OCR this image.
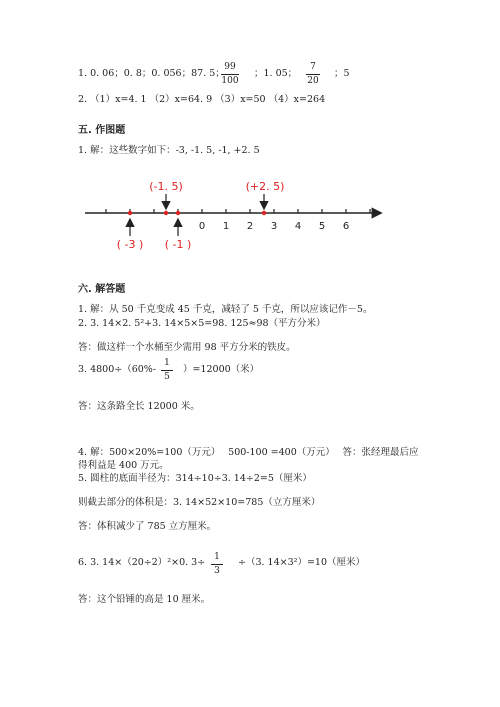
1. 0. 06；0. 8；0. 056；87. 5；
99
100
；1. 05；
7
20
；5
2. （1）x=4. 1 （2）x=64. 9 （3）x=50 （4）x=264
五. 作图题
1. 解：这些数字如下：-3, -1. 5, -1, +2. 5
0 1 2 3 4 5 6
(-1. 5)	(+2. 5)
( -3 ) ( -1 )
六. 解答题
1. 解：从 50 千克变成 45 千克，减轻了 5 千克，所以应该记作－5。
2. 3. 14×2. 5²+3. 14×5×5=98. 125≈98（平方分米）
答：做这样一个水桶至少需用 98 平方分米的铁皮。
3. 4800÷（60%-
1
5
）=12000（米）
答：这条路全长 12000 米。
4. 解：500×20%=100（万元）　 500-100 =400（万元）　 答：张经理最后应
得利益是 400 万元。
5. 圆柱的底面半径为：314÷10÷3. 14÷2=5（厘米）
则截去部分的体积是：3. 14×52×10=785（立方厘米）
答：体积减少了 785 立方厘米。
6. 3. 14×（20÷2）²×0. 3÷ 1
3
÷（3. 14×3²）=10（厘米）
答：这个铅锤的高是 10 厘米。
